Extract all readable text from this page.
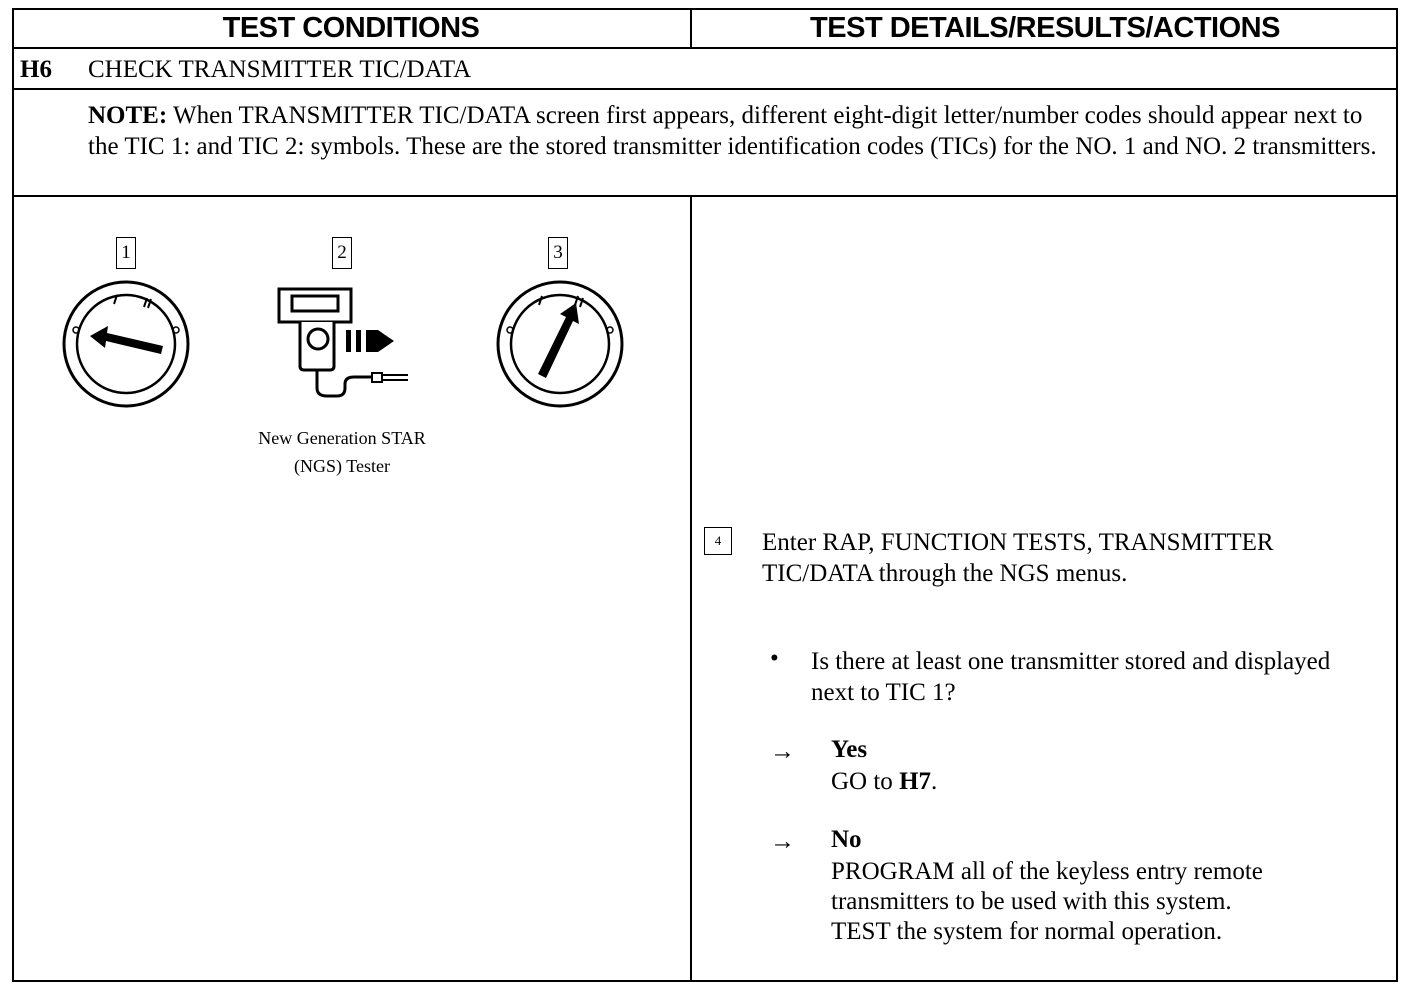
TEST CONDITIONS	TEST DETAILS/RESULTS/ACTIONS
H6 CHECK TRANSMITTER TIC/DATA
NOTE: When TRANSMITTER TIC/DATA screen first appears, different eight-digit letter/number codes should appear next to the TIC 1: and TIC 2: symbols. These are the stored transmitter identification codes (TICs) for the NO. 1 and NO. 2 transmitters.
1	2	3
New Generation STAR
(NGS) Tester
4	Enter RAP, FUNCTION TESTS, TRANSMITTER TIC/DATA through the NGS menus.
• Is there at least one transmitter stored and displayed next to TIC 1?
→ Yes
GO to H7.
→ No
PROGRAM all of the keyless entry remote
transmitters to be used with this system.
TEST the system for normal operation.
